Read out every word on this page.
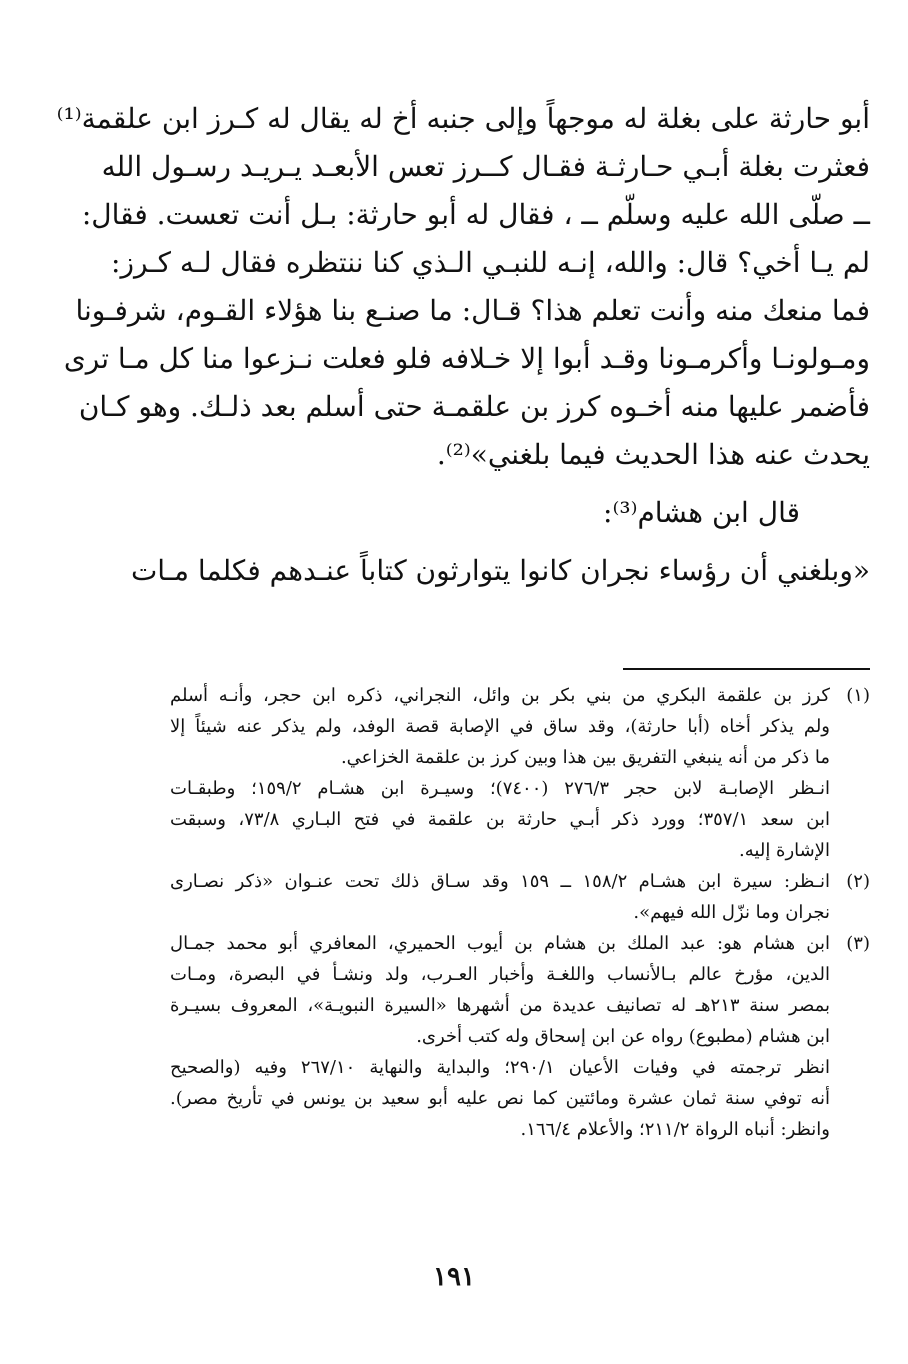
أبو حارثة على بغلة له موجهاً وإلى جنبه أخ له يقال له كـرز ابن علقمة⁽¹⁾
فعثرت بغلة أبـي حـارثـة فقـال كــرز تعس الأبعـد يـريـد رسـول الله
ــ صلّى الله عليه وسلّم ــ ، فقال له أبو حارثة: بـل أنت تعست. فقال:
لم يـا أخي؟ قال: والله، إنـه للنبـي الـذي كنا ننتظره فقال لـه كـرز:
فما منعك منه وأنت تعلم هذا؟ قـال: ما صنـع بنا هؤلاء القـوم، شرفـونا
ومـولونـا وأكرمـونا وقـد أبوا إلا خـلافه فلو فعلت نـزعوا منا كل مـا ترى
فأضمر عليها منه أخـوه كرز بن علقمـة حتى أسلم بعد ذلـك. وهو كـان
يحدث عنه هذا الحديث فيما بلغني»⁽²⁾.
قال ابن هشام⁽³⁾:
«وبلغني أن رؤساء نجران كانوا يتوارثون كتاباً عنـدهم فكلما مـات
(١)
كرز بن علقمة البكري من بني بكر بن وائل، النجراني، ذكره ابن حجر، وأنـه أسلم
ولم يذكر أخاه (أبا حارثة)، وقد ساق في الإصابة قصة الوفد، ولم يذكر عنه شيئاً إلا
ما ذكر من أنه ينبغي التفريق بين هذا وبين كرز بن علقمة الخزاعي.
انـظر الإصابـة لابن حجر ٢٧٦/٣ (٧٤٠٠)؛ وسيـرة ابن هشـام ١٥٩/٢؛ وطبقـات
ابن سعد ٣٥٧/١؛ وورد ذكر أبـي حارثة بن علقمة في فتح البـاري ٧٣/٨، وسبقت
الإشارة إليه.
(٢)
انـظر: سيرة ابن هشـام ١٥٨/٢ ــ ١٥٩ وقد سـاق ذلك تحت عنـوان «ذكر نصـارى
نجران وما نزّل الله فيهم».
(٣)
ابن هشام هو: عبد الملك بن هشام بن أيوب الحميري، المعافري أبو محمد جمـال
الدين، مؤرخ عالم بـالأنساب واللغـة وأخبار العـرب، ولد ونشـأ في البصرة، ومـات
بمصر سنة ٢١٣هـ له تصانيف عديدة من أشهرها «السيرة النبويـة»، المعروف بسيـرة
ابن هشام (مطبوع) رواه عن ابن إسحاق وله كتب أخرى.
انظر ترجمته في وفيات الأعيان ٢٩٠/١؛ والبداية والنهاية ٢٦٧/١٠ وفيه (والصحيح
أنه توفي سنة ثمان عشرة ومائتين كما نص عليه أبو سعيد بن يونس في تأريخ مصر).
وانظر: أنباه الرواة ٢١١/٢؛ والأعلام ١٦٦/٤.
١٩١
